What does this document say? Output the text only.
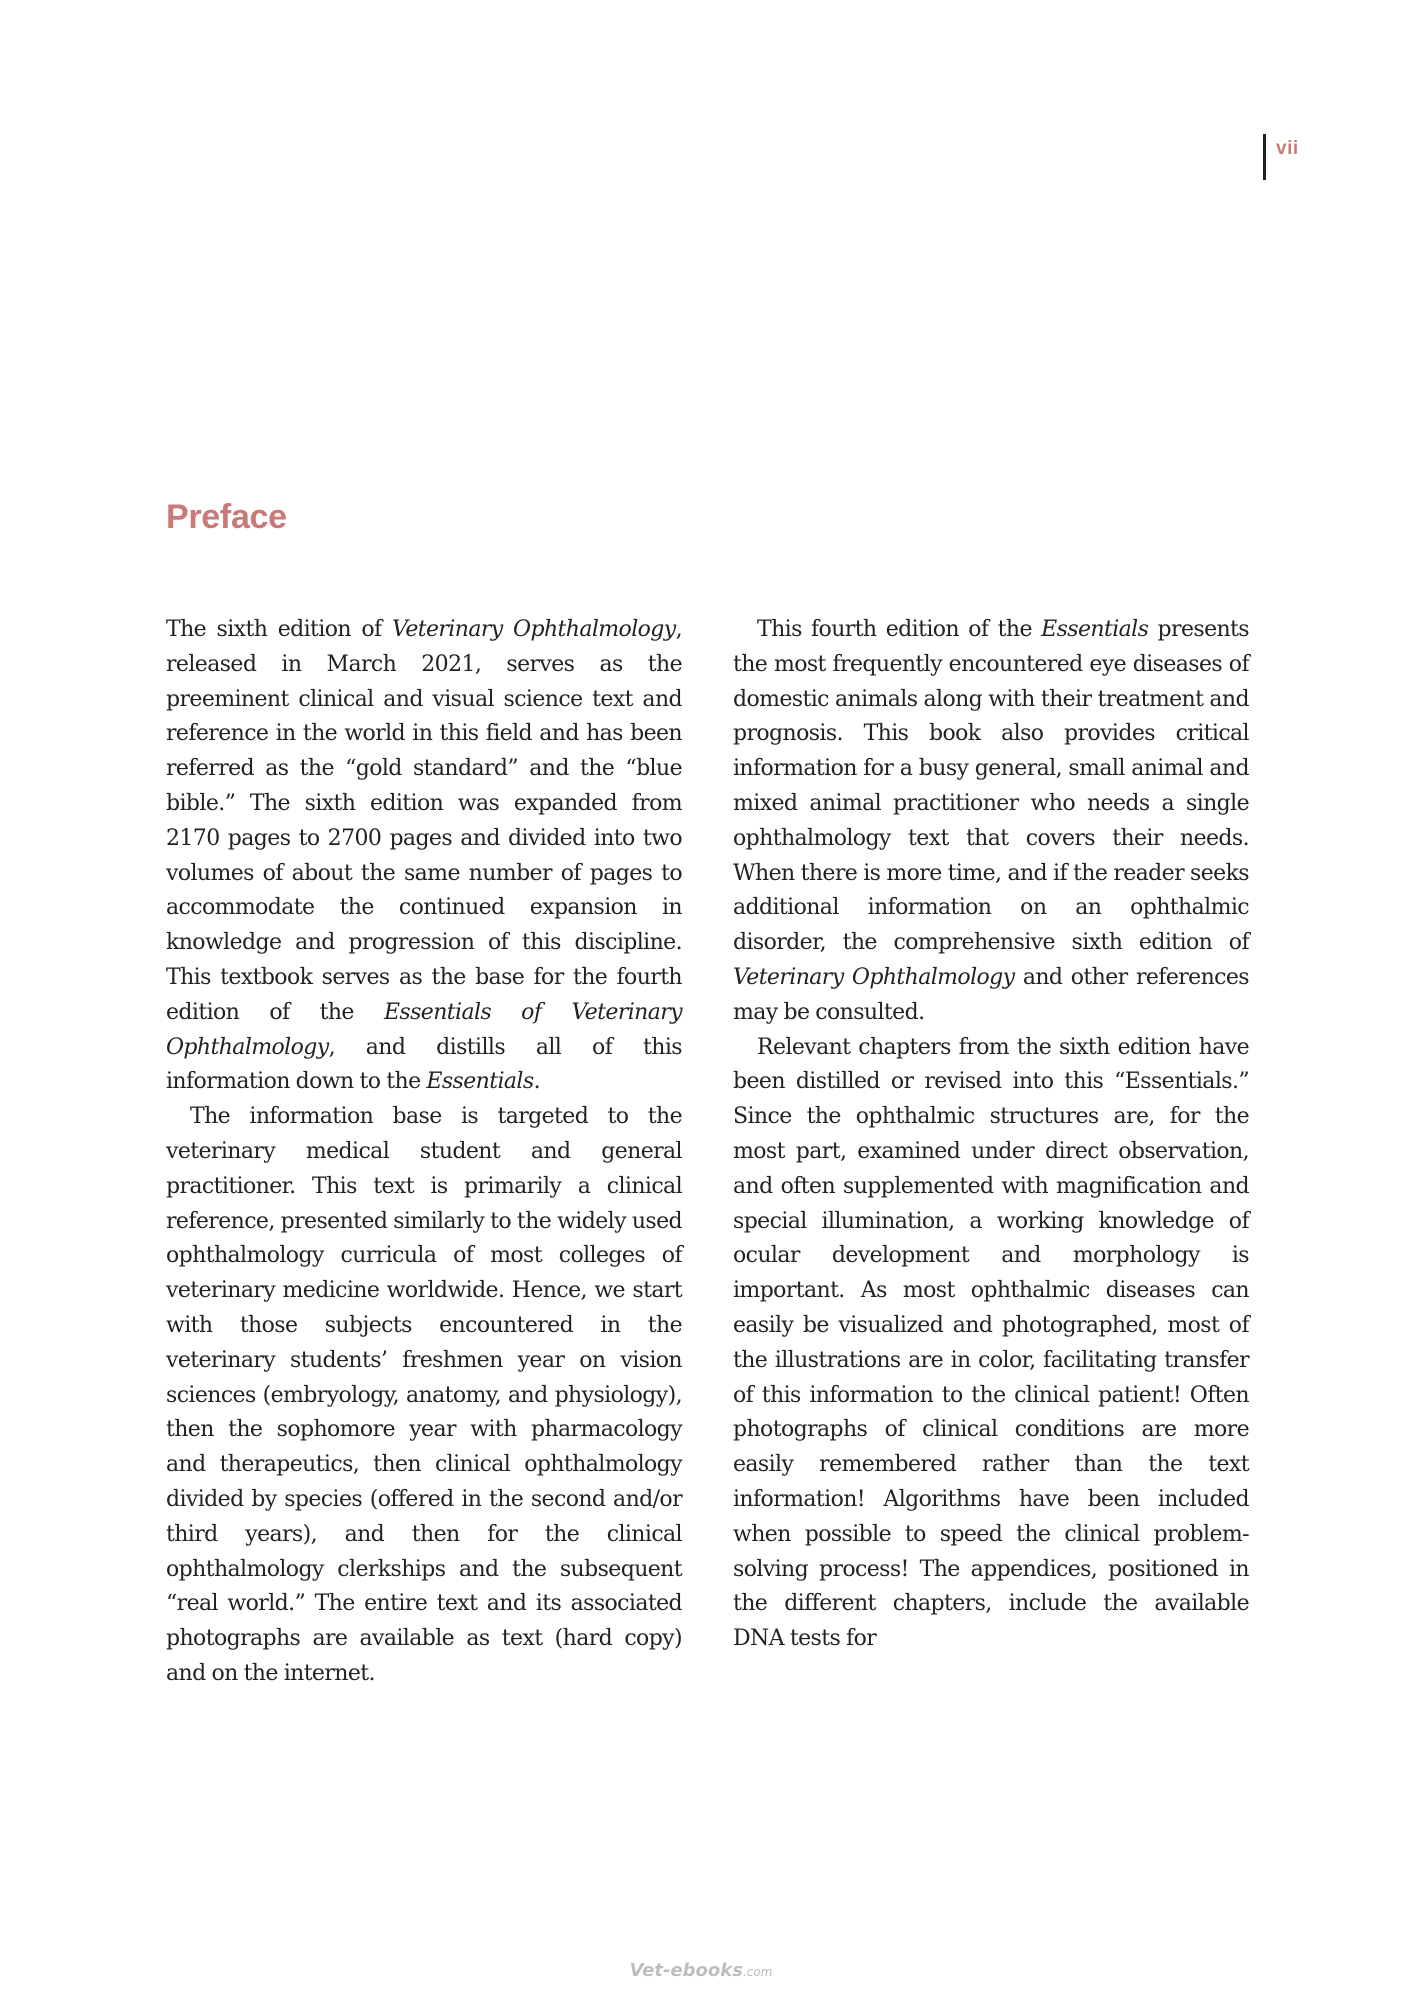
vii
Preface

The sixth edition of Veterinary Ophthalmology, released in March 2021, serves as the preeminent clinical and visual science text and reference in the world in this field and has been referred as the “gold standard” and the “blue bible.” The sixth edition was expanded from 2170 pages to 2700 pages and divided into two volumes of about the same number of pages to accommodate the continued expansion in knowledge and progression of this discipline. This textbook serves as the base for the fourth edition of the Essentials of Veterinary Ophthalmology, and distills all of this information down to the Essentials.

The information base is targeted to the veterinary medical student and general practitioner. This text is primarily a clinical reference, presented similarly to the widely used ophthalmology curricula of most colleges of veterinary medicine worldwide. Hence, we start with those subjects encountered in the veterinary students’ freshmen year on vision sciences (embryology, anatomy, and physiology), then the sophomore year with pharmacology and therapeutics, then clinical ophthalmology divided by species (offered in the second and/or third years), and then for the clinical ophthalmology clerkships and the subsequent “real world.” The entire text and its associated photographs are available as text (hard copy) and on the internet.

This fourth edition of the Essentials presents the most frequently encountered eye diseases of domestic animals along with their treatment and prognosis. This book also provides critical information for a busy general, small animal and mixed animal practitioner who needs a single ophthalmology text that covers their needs. When there is more time, and if the reader seeks additional information on an ophthalmic disorder, the comprehensive sixth edition of Veterinary Ophthalmology and other references may be consulted.

Relevant chapters from the sixth edition have been distilled or revised into this “Essentials.” Since the ophthalmic structures are, for the most part, examined under direct observation, and often supplemented with magnification and special illumination, a working knowledge of ocular development and morphology is important. As most ophthalmic diseases can easily be visualized and photographed, most of the illustrations are in color, facilitating transfer of this information to the clinical patient! Often photographs of clinical conditions are more easily remembered rather than the text information! Algorithms have been included when possible to speed the clinical problem-solving process! The appendices, positioned in the different chapters, include the available DNA tests for

Vet-ebooks.com
